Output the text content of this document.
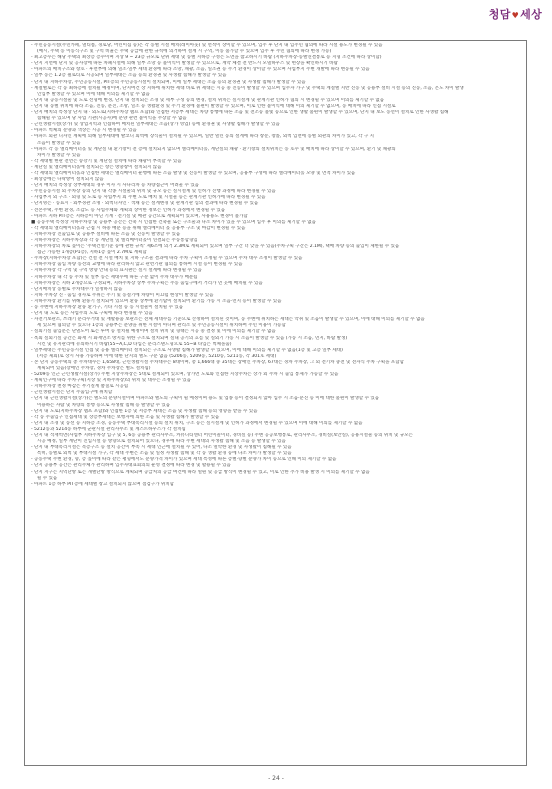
청담♥세상
- 주민공동시설(주민카페, 멀티룸, 경로당, 어린이집 등)은 각 동별 시설 배치(레이아웃) 및 면적이 상이할 수 있으며, 입주 후 단지 내 입주민 협의에 따라 시설 용도가 변경될 수 있음
(예시, 주택 동 이동식구조 및 구역 비율은 주택 공급에 관한 규칙에 의거하여 설계 시 구역, 이동 불가할 수 있으며 입주 후 주민 협의에 따라 변경 가능)
- 최고층수는 해당 주택의 최상층 층수이며 지상 9 ~ 23층 규모로 단위 세대 및 동별 지하층 구성은 도면을 참고하시기 바람 (지하주차장-동별연결통로 등 지형 조건에 따라 상이함)
- 단지 지면에 단지 및 공사장에 따른 차폐시설에 의해 일부 조망 등 불이익이 발생할 수 있으므로, 계약 체결 전 반드시 모델하우스 및 현장을 확인하시기 바람
- 아파트의 배치구조와 창호 · 후면부에 의해 일조·일부 세대 환경에 따라 조망, 채광, 소음, 일조권 등 주거 환경이 상이할 수 있으며 사업부지 주변 개발에 따라 변동될 수 있음
- 일부 동은 1.2층 필로티로 시공되며 일부세대는 소음 등의 환경권 및 사생활 침해가 발생할 수 있음
- 단지 내 지하주차장, 주민공동시설, PIT층의 주민공동시설이 설치되며, 이에 일부 세대는 소음 등의 환경권 및 사생활 침해가 발생할 수 있음
- 계절별로는 각 동 최하층에 설치될 예정이며, 단지여건 상 지하에 위치한 세대 바로 위 세대는 시공 중 진동이 발생할 수 있으며 입주자 가구 및 주택의 계절별 지반 진동 및 공용부 설비 시설 등의 진동, 소음, 온도 차이 발생
인입부 발생할 수 있으며 이에 대해 이의를 제기할 수 없음
- 단지 내 공동시설물 및 도로 선형에 변경, 단지 내 설치되는 조경 및 세부 구성 등의 변경, 설치 위치는 실시설계 및 관계기관 인허가 협의 시 변경될 수 있으며 이의를 제기할 수 없음
- 단지 내 동별 위치에 따라 소음, 진동, 분진, 조망, 일조 등 생활환경 및 주거 환경에 불편이 발생할 수 있으며, 이로 인한 불이익에 대해 이의 제기할 수 없으며, 동 배치에 따라 인접 시설로
- 단지 배치의 특성상 단지 내 · 외도로(지하주차장 램프 포함)와 인접한 저층부 세대는 차량 통행에 따른 소음 및 전조등 불빛 등으로 인한 생활 불편이 발생할 수 있으며, 단지 내 보도 동선이 설치로 인한 사생활 침해
침해될 수 있으며 당 사업 기관(시공사)에 분양 관련 불이익을 주장할 수 없음
- 근린생활시설(상가) 및 상업지역과 인접하여 배치된 일부세대는 소음(상가 영업) 등에 환경권 및 사생활 침해가 발생할 수 있음
- 아파트 벽체의 문양과 색상은 시공 시 변경될 수 있음
- 아파트 외관 디자인 계획에 의해 일부세대에 발코니 외벽에 장식물이 설치될 수 있으며, 일반 열린 동의 설계에 따라 창문, 창틀, 외벽 입면에 동별 외관의 차이가 있고, 각 구 지
소음이 발생할 수 있음
- 아파트 각 동 엘리베이터홀 및 계단실 내 환기창이 전 층에 설치되지 않으며 엘리베이터홀, 계단실의 채광 · 환기창의 설치위치는 동 호수 및 배치에 따라 상이할 수 있으며, 환기 및 채광의
차이가 발생할 수 있음
- 각 세대별 현관 전면은 승강기 및 계단실 설치에 따라 채광이 부족할 수 있음
- 계단실 및 엘리베이터홀에 설치되는 창은 방충창이 설치되지 않음
- 각 세대의 엘리베이터홀과 인접한 세대는 엘리베이터 운행에 따른 소음 발생 및 진동이 발생할 수 있으며, 공용부 구성에 따라 엘리베이터홀 모양 및 면적 차이가 있음
- 최상층에는 다락방이 설치되지 않음
- 단지 배치의 특성상 상부세대의 경우 이사 시 사다리차 등 차량접근이 어려울 수 있음
- 주민공동시설 외 주차장 등의 단지 내 각종 시설물의 위치 및 규모 등은 실시설계 및 인허가 진행 과정에 따라 변경될 수 있음
- 사업부지 외 구조 · 외형 및 도로 등 사업부지 외 주변 도로 배치 및 시설물 등은 관계기관 인허가에 따라 변경될 수 있음
- 단지명은 · 동표시 · 외부경관 조명 · 외벽디자인 · 색채 등은 설계변경 및 관계기관 심의 결과에 따라 변경될 수 있음
- 견본주택, 주변 환경, 조감도 등 사업주체와 계획의 상이한 정보는 인허가 과정에서 변경될 수 있음
- 아파트 지하 PIT층은 지하층이 아닌 기계 · 전기실 및 배관 공간으로 계획되어 있으며, 사용용도 변경이 불가함
■ 공동주택 특성상 지하주차장 및 공용부 공간은 건축 시 인접한 건축물 또는 구조물과 다소 차이가 있을 수 있으며 입주 후 이의를 제기할 수 없음
- 각 세대의 엘리베이터홀과 근접 시 하중 배분 등을 위해 엘리베이터 홀 공용부 구조 및 마감이 변경될 수 있음
- 지하주차장 진출입로 및 공용부 설비에 따른 소음 및 진동이 발생할 수 있음
- 지하주차장은 지하주차장과 각 동 계단실 및 엘리베이터홀이 연결되는 주동통합형임
- 지하주차장의 차로 높이는 '주택건설기준 등에 관한 규칙' 제6조에 의거 2.3M로 계획되어 있으며 일부 구간 더 낮을 수 있음(주차구획 구간은 2.1M), 택배 차량 등의 출입이 제한될 수 있음
접근 가능한 1개층(P1층), 지하1층 높이 2.7M로 계획함
- 주차장(지하주차장 포함)은 건설 전 시설 배치 및 지하 구조물 결과에 따라 주차 구획이 조정될 수 있으며 주차 대수 조정이 발생할 수 있음
- 지하주차장 출입 차량 동선의 교행에 따라 관리하지 않고 관련기관 협의를 통하여 시설 등이 변경될 수 있음
- 지하주차장 각 구역 및 구역 방향 안내 등의 표지판은 실시 설계에 따라 변경될 수 있음
- 지하주차장 내 각 동 주차 및 일부 동은 세대수에 따른 구분 없이 주차 대수가 배분됨
- 지하주차장은 지하 2개층으로 구성되며, 지하주차장 상부 주차구획은 주동 출입구에서 거리가 먼 곳에 배치될 수 있음
- 단지배치상 동별로 주차대수가 일정하지 않음
- 지하 주차장 진 · 출입 경사로 주위는 주기 및 동절기에 차량이 미끄럼 현상이 발생할 수 있음
- 지하주차장 환기를 위해 환풍기 설치되어 있으며 환풍 상부에 환기탑이 설치되어 환기를 가동 시 소음·먼지 등이 발생할 수 있음
- 동 주변에 지하주차장 환풍 환기구, 기타 시설 등 동 시설물이 설치될 수 있음
- 단지 내 도로 등은 사업주의 도로 구획에 따라 변경될 수 있음
- 자전거보관소, 쓰레기 분리수거대 및 재활용품 보관소는 전체 세대수를 기준으로 산정하여 설치된 것이며, 동 주변에 위치하는 세대는 악취 및 소음이 발생할 수 있으며, 이에 대해 이의를 제기할 수 없음
세 있으며 협의할 수 있으나 1층의 공용부는 분양을 위한 시설이 아니며 관리소 및 주민공동시설이 위치하여 주민 이용이 가능함
- 실외기실 출입문은 단열도어 또는 루버 등 설치될 예정이며 설치 위치 및 형태는 시공 중 결정 및 이에 이의를 제기할 수 없음
- 옥외 실외기실 공간은 화재 시 화재연소 방지를 위한 구조로 설치되며 실내 공기의 흐름 및 실외기 가동 시 소음이 발생할 수 있음 (가동 시 소음, 먼지, 바람 발생)
시킨 및 유지관리에 유의하시기 바람(55~A,C,D 타입은 분리스탠드형으로 55~B 타입은 벽체돌출)
- 일부세대는 주민공동시설 인접 및 공용 엘리베이터 설치되는 구조로 사생활 침해가 발생할 수 있으며, 이에 대해 이의를 제기할 수 없음(1층 및 고층 일부 세대)
(저층 제외)로 상시 사용 가능하며 이에 대한 단지의 별도 구분 없음 (5206동, 5209동, 5210동, 5211동, 각 301호 세대)
- 본 단지 공동주택의 총 주차대수는 1,658대, 근린생활시설 주차대수는 8대이며, 총 1,666대 중 35대는 장애인 주차장, 67대는 경차 주차장, 그 외 전기차 충전 및 전자식 주차 구획을 포함함
계획되어 있음(장애인 주차장, 경차 주차장은 별도 설치됨)
- 5209동 인근 근린생활시설(상가) 주변 지상주차장은 5대로 설계되어 있으며, 상가면 도로와 인접한 지상주차는 상가 외 주차 시 출입 통제가 가능할 수 있음
- 계획인구에 따라 주차구획(지상 및 지하주차장)의 위치 및 대수는 조정될 수 있음
- 지하주차장 천정 마감은 무기질계 뿜칠로 시공됨
- 근린생활시설은 단지 주출입구에 위치함
- 단지 내 근린생활시설(상가)은 별도의 분양시설이며 아파트와 별도의 구획이 될 예정이며 용도 및 업종 등이 결정되지 않아 입주 시 소음·분진 등 이에 대한 불편이 발생할 수 있음
이용하는 사람 및 차량의 통행 등으로 사생활 침해 등 발생할 수 있음
- 단지 내 도로(지하주차장 램프 포함)와 인접한 1층 및 저층부 세대는 소음 및 사생활 침해 등의 영향을 받을 수 있음
- 각 동 주출입구 인접세대 및 상층부세대는 보행자에 의한 소음 및 사생활 침해가 발생할 수 있음
- 단지 내 조경 및 동선 등 지하층 조경, 공동주택 부대복리시설 등의 설치 위치, 구조 등은 실시설계 및 인허가 과정에서 변경될 수 있으며 이에 대해 이의를 제기할 수 없음
- 5212동과 5214동 하부에 군관시설 관리사무소 및 계스트하우스가 각 설치됨
- 단지 내 석재벽면(사업부 지하주차장 입구 및 5, 6동 공용부 관리사무소, 커뮤니티센터 어린이놀이터, 경비실 등) 주변 공공보행통로, 관리사무소, 경비실(보안실), 공용시설물 등의 위치 및 규모는
시공 예정, 일부 계단이 진입시설 등 방향으로 설치되어 있으나, 경우에 따라 주변 세대의 사생활 침해 및 소음 등 발생할 수 있음
- 단지 내 부대복리시설은 복층구조 등 설치 공간이 부족 시 세대 인근에 설치될 수 있어, 다소 열악한 환경 및 사생활이 침해될 수 있음
특히, 동별로 외벽 및 부대시설 가구, 각 세대 주변은 소음 및 일정 사생활 침해 및 각 동 생활 환경 등에 다소 차이가 발생할 수 있음
- 공동주택 주변 환경, 향, 층 높이에 따라 같은 평형에서도 분양가격 차이가 있으며 세대 특성에 따른 층별·향별 분양가 차이 등으로 인해 이의 제기할 수 없음
- 단지 공용부 공간은 관리주체가 관리하며 입주자대표회의의 운영 결정에 따라 변경 및 활용될 수 있음
- 단지 지구는 지역난방 또는 개별난방 방식으로 계획되며 공급처의 공급 여건에 따라 열원 및 공급 방식이 변경될 수 있고, 이로 인한 추가 비용 발생 시 이의를 제기할 수 없음
될 수 있음
- 아파트 1층 하부 PIT층에 세대별 창고 설치되지 않으며 점검구가 위치함
- 24 -
